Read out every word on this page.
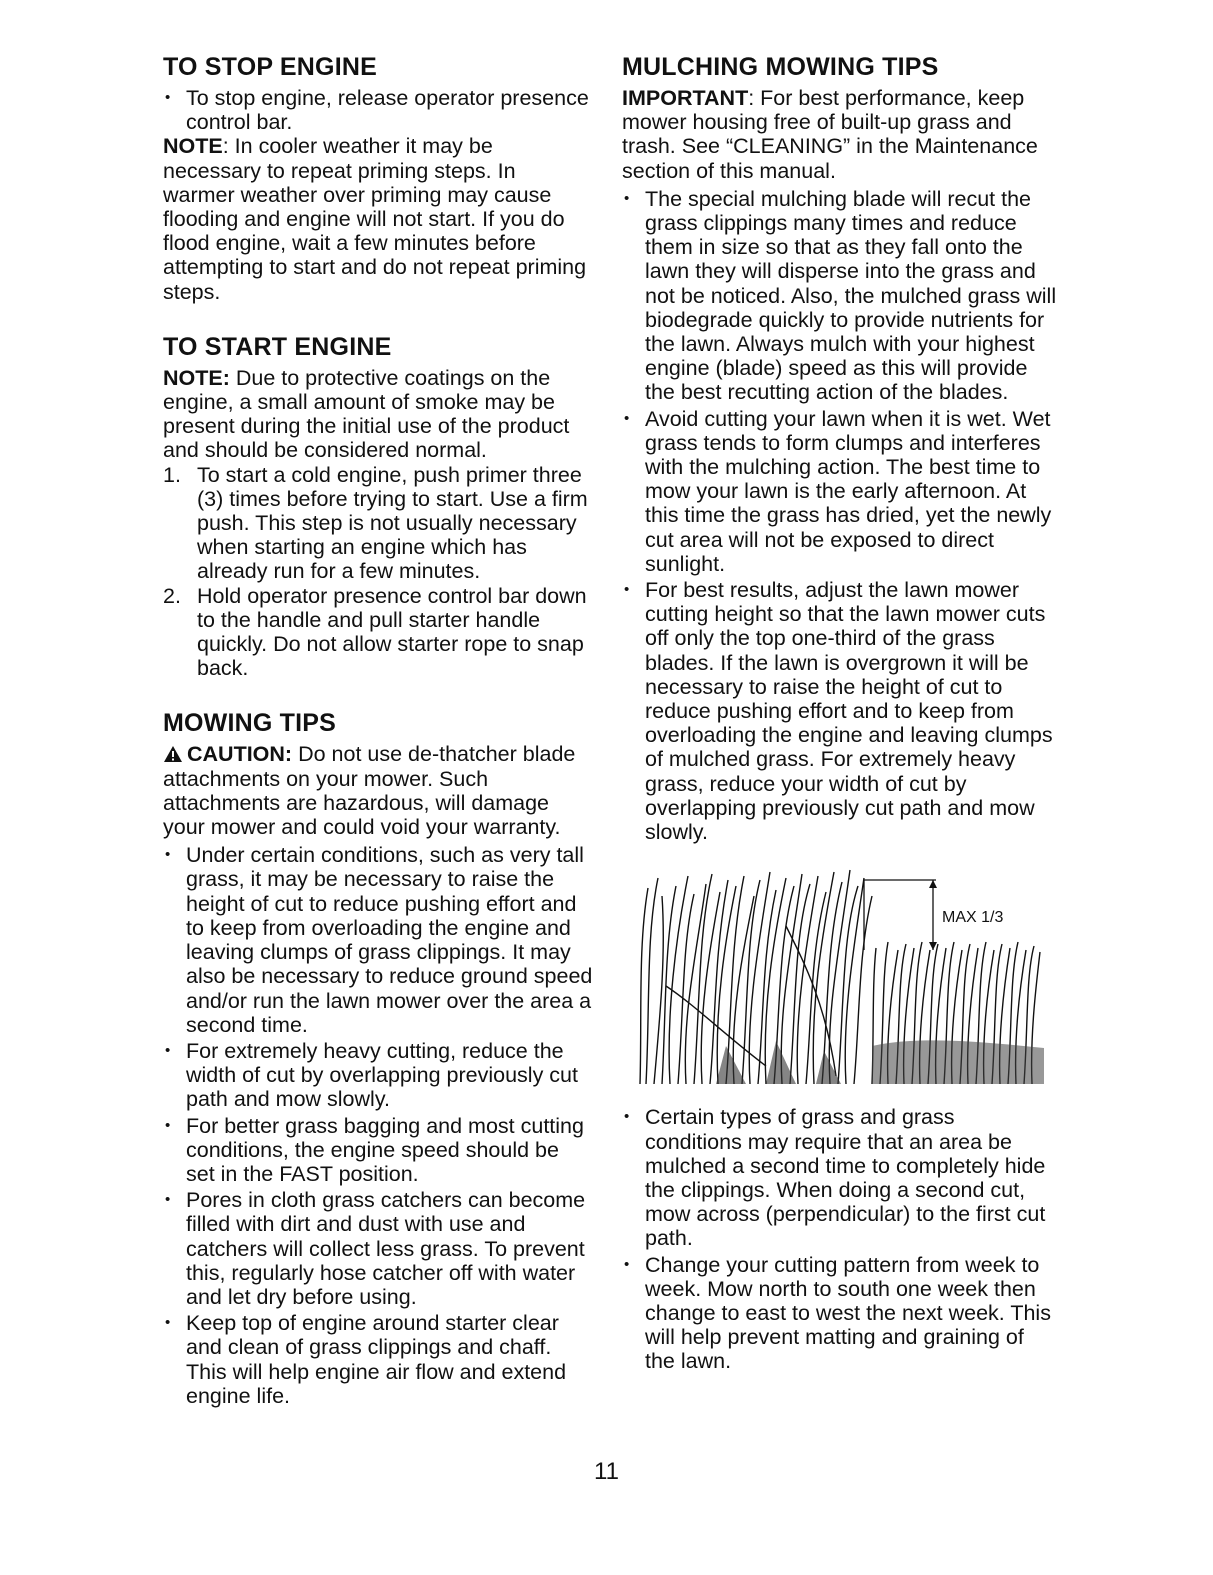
TO STOP ENGINE
• To stop engine, release operator presence control bar.

NOTE: In cooler weather it may be necessary to repeat priming steps. In warmer weather over priming may cause flooding and engine will not start. If you do flood engine, wait a few minutes before attempting to start and do not repeat priming steps.

TO START ENGINE

NOTE: Due to protective coatings on the engine, a small amount of smoke may be present during the initial use of the product and should be considered normal.

1. To start a cold engine, push primer three (3) times before trying to start. Use a firm push. This step is not usually necessary when starting an engine which has already run for a few minutes.
2. Hold operator presence control bar down to the handle and pull starter handle quickly. Do not allow starter rope to snap back.
MOWING TIPS

CAUTION: Do not use de-thatcher blade attachments on your mower. Such attachments are hazardous, will damage your mower and could void your warranty.

• Under certain conditions, such as very tall grass, it may be necessary to raise the height of cut to reduce pushing effort and to keep from overloading the engine and leaving clumps of grass clippings. It may also be necessary to reduce ground speed and/or run the lawn mower over the area a second time.
• For extremely heavy cutting, reduce the width of cut by overlapping previously cut path and mow slowly.
• For better grass bagging and most cutting conditions, the engine speed should be set in the FAST position.
• Pores in cloth grass catchers can become filled with dirt and dust with use and catchers will collect less grass. To prevent this, regularly hose catcher off with water and let dry before using.
• Keep top of engine around starter clear and clean of grass clippings and chaff. This will help engine air flow and extend engine life.
MULCHING MOWING TIPS

IMPORTANT: For best performance, keep mower housing free of built-up grass and trash. See “CLEANING” in the Maintenance section of this manual.

• The special mulching blade will recut the grass clippings many times and reduce them in size so that as they fall onto the lawn they will disperse into the grass and not be noticed. Also, the mulched grass will biodegrade quickly to provide nutrients for the lawn. Always mulch with your highest engine (blade) speed as this will provide the best recutting action of the blades.
• Avoid cutting your lawn when it is wet. Wet grass tends to form clumps and interferes with the mulching action. The best time to mow your lawn is the early afternoon. At this time the grass has dried, yet the newly cut area will not be exposed to direct sunlight.
• For best results, adjust the lawn mower cutting height so that the lawn mower cuts off only the top one-third of the grass blades. If the lawn is overgrown it will be necessary to raise the height of cut to reduce pushing effort and to keep from overloading the engine and leaving clumps of mulched grass. For extremely heavy grass, reduce your width of cut by overlapping previously cut path and mow slowly.
MAX 1/3
• Certain types of grass and grass conditions may require that an area be mulched a second time to completely hide the clippings. When doing a second cut, mow across (perpendicular) to the first cut path.
• Change your cutting pattern from week to week. Mow north to south one week then change to east to west the next week. This will help prevent matting and graining of the lawn.
11
